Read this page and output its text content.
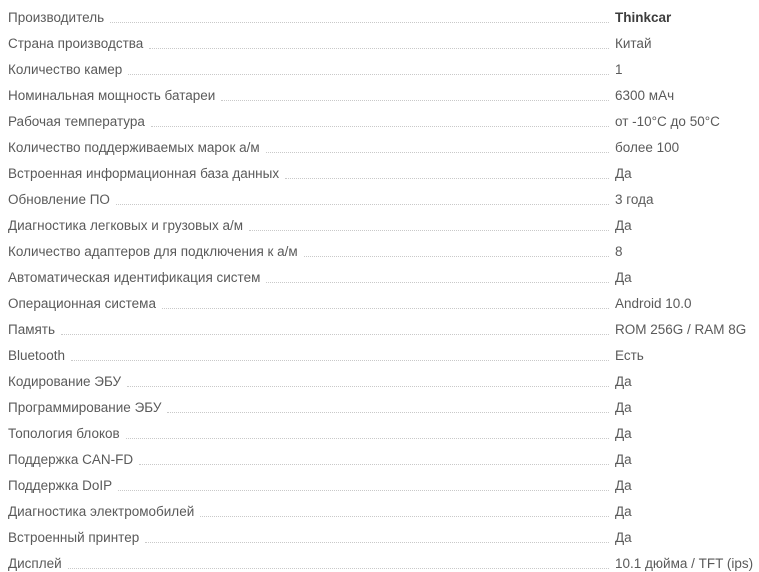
Производитель	Thinkcar

Страна производства	Китай

Количество камер	1

Номинальная мощность батареи	6300 мАч

Рабочая температура	от -10°С до 50°С

Количество поддерживаемых марок а/м	более 100

Встроенная информационная база данных	Да

Обновление ПО	3 года

Диагностика легковых и грузовых а/м	Да

Количество адаптеров для подключения к а/м	8

Автоматическая идентификация систем	Да

Операционная система	Android 10.0

Память	ROM 256G / RAM 8G

Bluetooth	Есть

Кодирование ЭБУ	Да

Программирование ЭБУ	Да

Топология блоков	Да

Поддержка CAN-FD	Да

Поддержка DoIP	Да

Диагностика электромобилей	Да

Встроенный принтер	Да

Дисплей	10.1 дюйма / TFT (ips)
